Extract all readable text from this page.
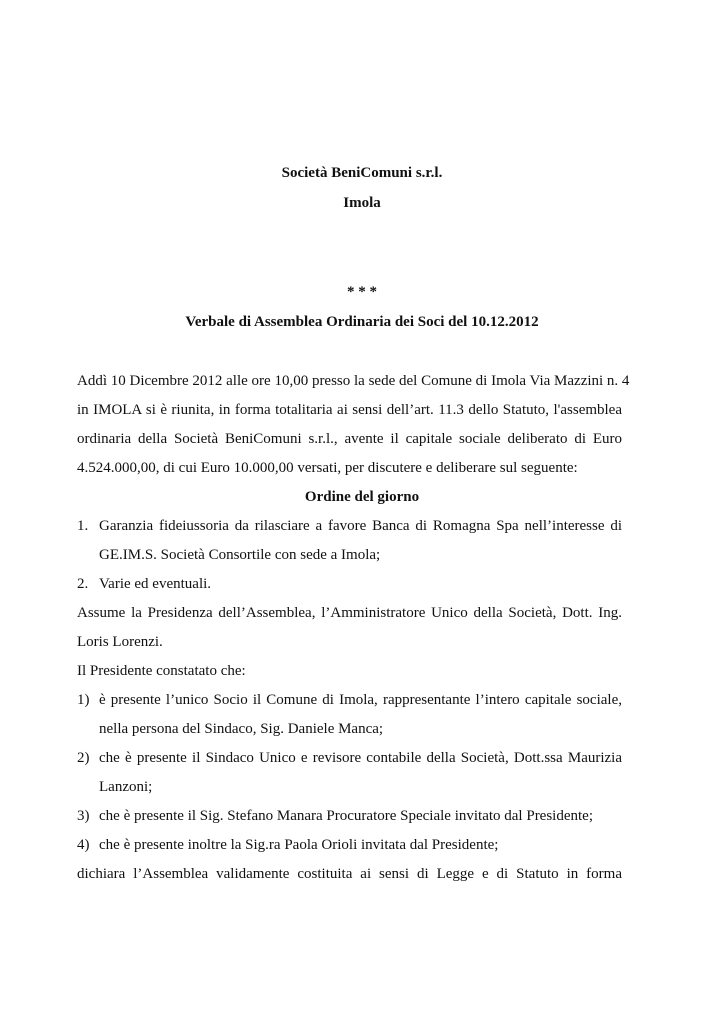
Società BeniComuni s.r.l.
Imola
* * *
Verbale di Assemblea Ordinaria dei Soci del 10.12.2012
Addì 10 Dicembre 2012 alle ore 10,00 presso la sede del Comune di Imola Via Mazzini n. 4
in IMOLA si è riunita, in forma totalitaria ai sensi dell’art. 11.3 dello Statuto, l'assemblea
ordinaria della Società BeniComuni s.r.l., avente il capitale sociale deliberato di Euro
4.524.000,00, di cui Euro 10.000,00 versati, per discutere e deliberare sul seguente:
Ordine del giorno
1. Garanzia fideiussoria da rilasciare a favore Banca di Romagna Spa nell’interesse di
GE.IM.S. Società Consortile con sede a Imola;
2. Varie ed eventuali.
Assume la Presidenza dell’Assemblea, l’Amministratore Unico della Società, Dott. Ing.
Loris Lorenzi.
Il Presidente constatato che:
1) è presente l’unico Socio il Comune di Imola, rappresentante l’intero capitale sociale,
nella persona del Sindaco, Sig. Daniele Manca;
2) che è presente il Sindaco Unico e revisore contabile della Società, Dott.ssa Maurizia
Lanzoni;
3) che è presente il Sig. Stefano Manara Procuratore Speciale invitato dal Presidente;
4) che è presente inoltre la Sig.ra Paola Orioli invitata dal Presidente;
dichiara l’Assemblea validamente costituita ai sensi di Legge e di Statuto in forma
